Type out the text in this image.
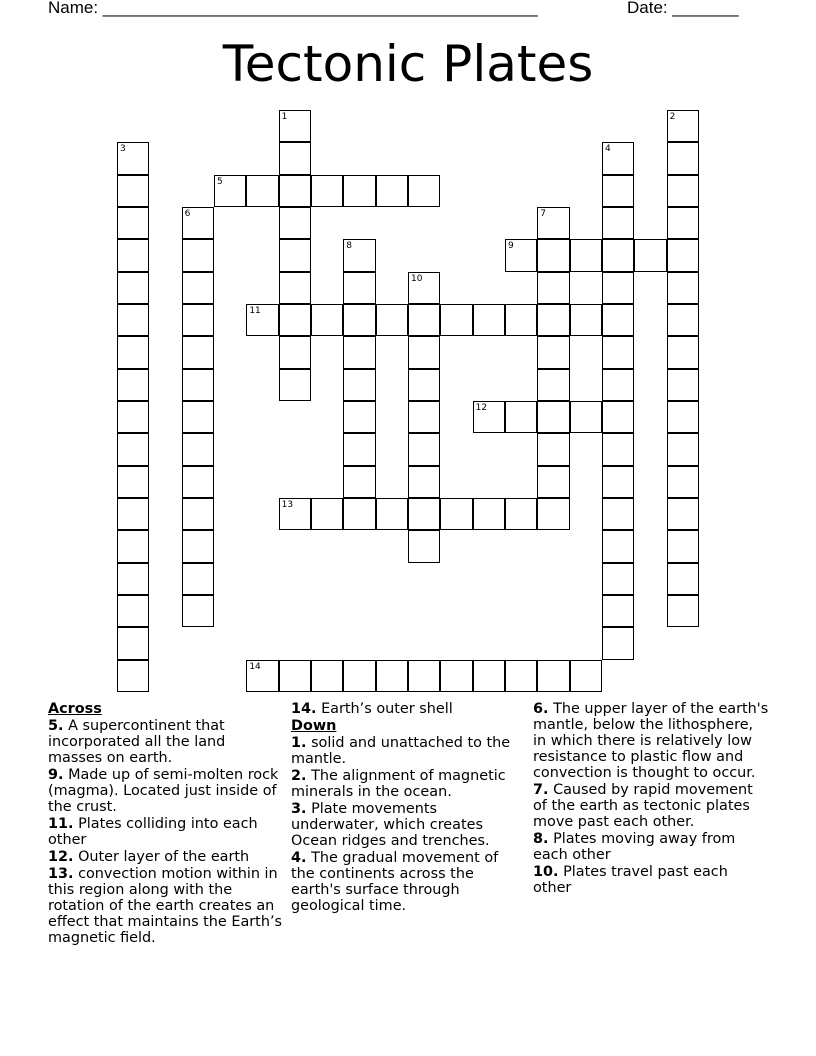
Name: ______________________________________________	Date: _______
Tectonic Plates
1	2
3	4
5
6	7
8	9
10
11
12
13
14
Across
5. A supercontinent that incorporated all the land masses on earth.
9. Made up of semi-molten rock (magma). Located just inside of the crust.
11. Plates colliding into each other
12. Outer layer of the earth
13. convection motion within in this region along with the rotation of the earth creates an effect that maintains the Earth’s magnetic field.
14. Earth’s outer shell
Down
1. solid and unattached to the mantle.
2. The alignment of magnetic minerals in the ocean.
3. Plate movements underwater, which creates Ocean ridges and trenches.
4. The gradual movement of the continents across the earth's surface through geological time.
6. The upper layer of the earth's mantle, below the lithosphere, in which there is relatively low resistance to plastic flow and convection is thought to occur.
7. Caused by rapid movement of the earth as tectonic plates move past each other.
8. Plates moving away from each other
10. Plates travel past each other
